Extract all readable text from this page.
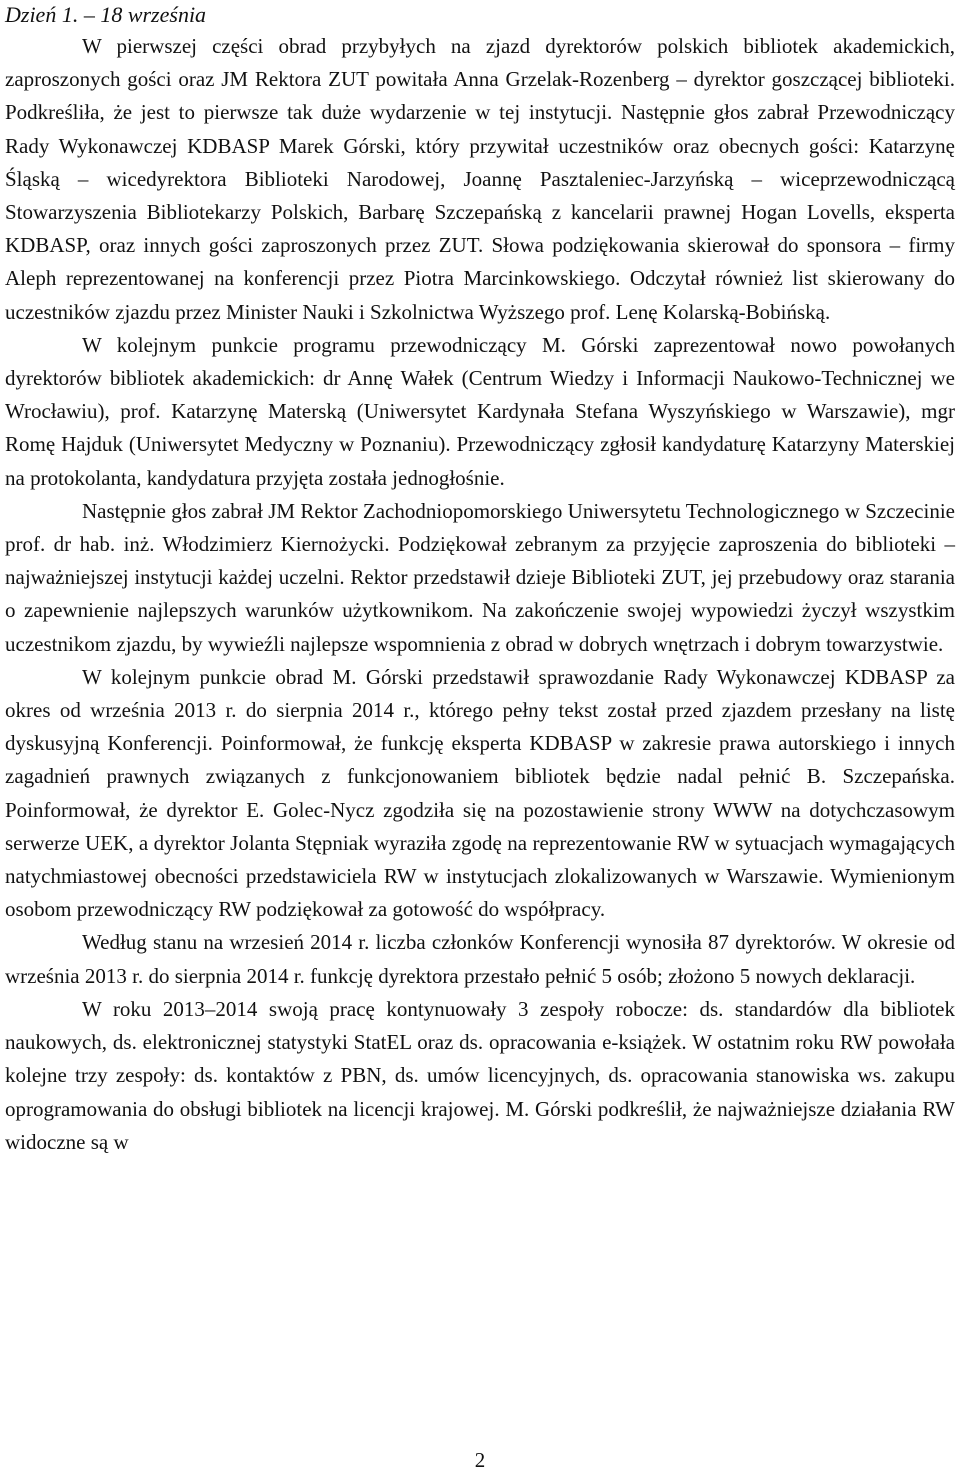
Dzień 1. – 18 września

W pierwszej części obrad przybyłych na zjazd dyrektorów polskich bibliotek akademickich, zaproszonych gości oraz JM Rektora ZUT powitała Anna Grzelak-Rozenberg – dyrektor goszczącej biblioteki. Podkreśliła, że jest to pierwsze tak duże wydarzenie w tej instytucji. Następnie głos zabrał Przewodniczący Rady Wykonawczej KDBASP Marek Górski, który przywitał uczestników oraz obecnych gości: Katarzynę Śląską – wicedyrektora Biblioteki Narodowej, Joannę Pasztaleniec-Jarzyńską – wiceprzewodniczącą Stowarzyszenia Bibliotekarzy Polskich, Barbarę Szczepańską z kancelarii prawnej Hogan Lovells, eksperta KDBASP, oraz innych gości zaproszonych przez ZUT. Słowa podziękowania skierował do sponsora – firmy Aleph reprezentowanej na konferencji przez Piotra Marcinkowskiego. Odczytał również list skierowany do uczestników zjazdu przez Minister Nauki i Szkolnictwa Wyższego prof. Lenę Kolarską-Bobińską.

W kolejnym punkcie programu przewodniczący M. Górski zaprezentował nowo powołanych dyrektorów bibliotek akademickich: dr Annę Wałek (Centrum Wiedzy i Informacji Naukowo-Technicznej we Wrocławiu), prof. Katarzynę Materską (Uniwersytet Kardynała Stefana Wyszyńskiego w Warszawie), mgr Romę Hajduk (Uniwersytet Medyczny w Poznaniu). Przewodniczący zgłosił kandydaturę Katarzyny Materskiej na protokolanta, kandydatura przyjęta została jednogłośnie.

Następnie głos zabrał JM Rektor Zachodniopomorskiego Uniwersytetu Technologicznego w Szczecinie prof. dr hab. inż. Włodzimierz Kiernożycki. Podziękował zebranym za przyjęcie zaproszenia do biblioteki – najważniejszej instytucji każdej uczelni. Rektor przedstawił dzieje Biblioteki ZUT, jej przebudowy oraz starania o zapewnienie najlepszych warunków użytkownikom. Na zakończenie swojej wypowiedzi życzył wszystkim uczestnikom zjazdu, by wywieźli najlepsze wspomnienia z obrad w dobrych wnętrzach i dobrym towarzystwie.

W kolejnym punkcie obrad M. Górski przedstawił sprawozdanie Rady Wykonawczej KDBASP za okres od września 2013 r. do sierpnia 2014 r., którego pełny tekst został przed zjazdem przesłany na listę dyskusyjną Konferencji. Poinformował, że funkcję eksperta KDBASP w zakresie prawa autorskiego i innych zagadnień prawnych związanych z funkcjonowaniem bibliotek będzie nadal pełnić B. Szczepańska. Poinformował, że dyrektor E. Golec-Nycz zgodziła się na pozostawienie strony WWW na dotychczasowym serwerze UEK, a dyrektor Jolanta Stępniak wyraziła zgodę na reprezentowanie RW w sytuacjach wymagających natychmiastowej obecności przedstawiciela RW w instytucjach zlokalizowanych w Warszawie. Wymienionym osobom przewodniczący RW podziękował za gotowość do współpracy.

Według stanu na wrzesień 2014 r. liczba członków Konferencji wynosiła 87 dyrektorów. W okresie od września 2013 r. do sierpnia 2014 r. funkcję dyrektora przestało pełnić 5 osób; złożono 5 nowych deklaracji.

W roku 2013–2014 swoją pracę kontynuowały 3 zespoły robocze: ds. standardów dla bibliotek naukowych, ds. elektronicznej statystyki StatEL oraz ds. opracowania e-książek. W ostatnim roku RW powołała kolejne trzy zespoły: ds. kontaktów z PBN, ds. umów licencyjnych, ds. opracowania stanowiska ws. zakupu oprogramowania do obsługi bibliotek na licencji krajowej. M. Górski podkreślił, że najważniejsze działania RW widoczne są w

2
